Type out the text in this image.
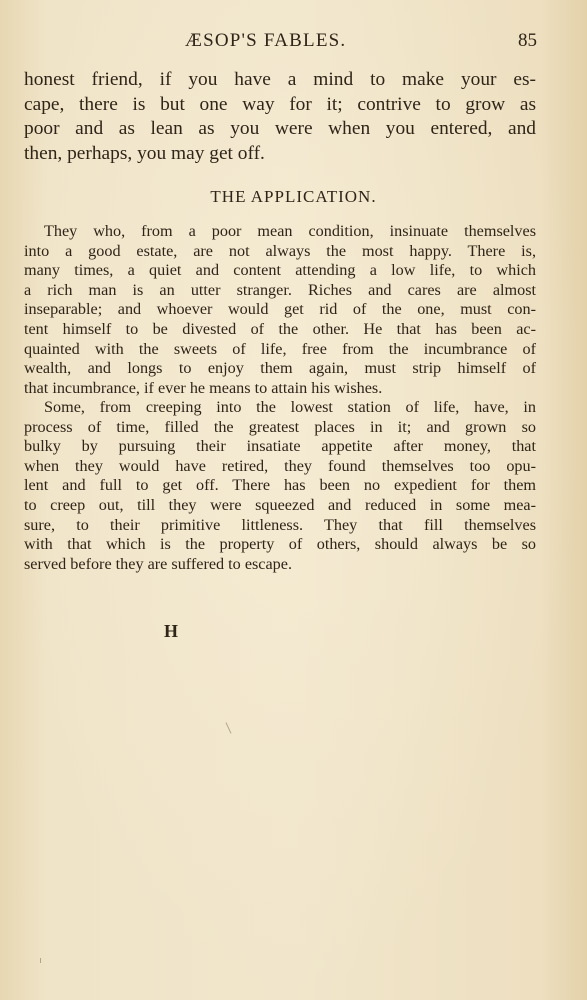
ÆSOP'S FABLES.	85

honest friend, if you have a mind to make your es-
cape, there is but one way for it; contrive to grow as
poor and as lean as you were when you entered, and
then, perhaps, you may get off.

THE APPLICATION.

They who, from a poor mean condition, insinuate themselves
into a good estate, are not always the most happy. There is,
many times, a quiet and content attending a low life, to which
a rich man is an utter stranger. Riches and cares are almost
inseparable; and whoever would get rid of the one, must con-
tent himself to be divested of the other. He that has been ac-
quainted with the sweets of life, free from the incumbrance of
wealth, and longs to enjoy them again, must strip himself of
that incumbrance, if ever he means to attain his wishes.

Some, from creeping into the lowest station of life, have, in
process of time, filled the greatest places in it; and grown so
bulky by pursuing their insatiate appetite after money, that
when they would have retired, they found themselves too opu-
lent and full to get off. There has been no expedient for them
to creep out, till they were squeezed and reduced in some mea-
sure, to their primitive littleness. They that fill themselves
with that which is the property of others, should always be so
served before they are suffered to escape.

H
